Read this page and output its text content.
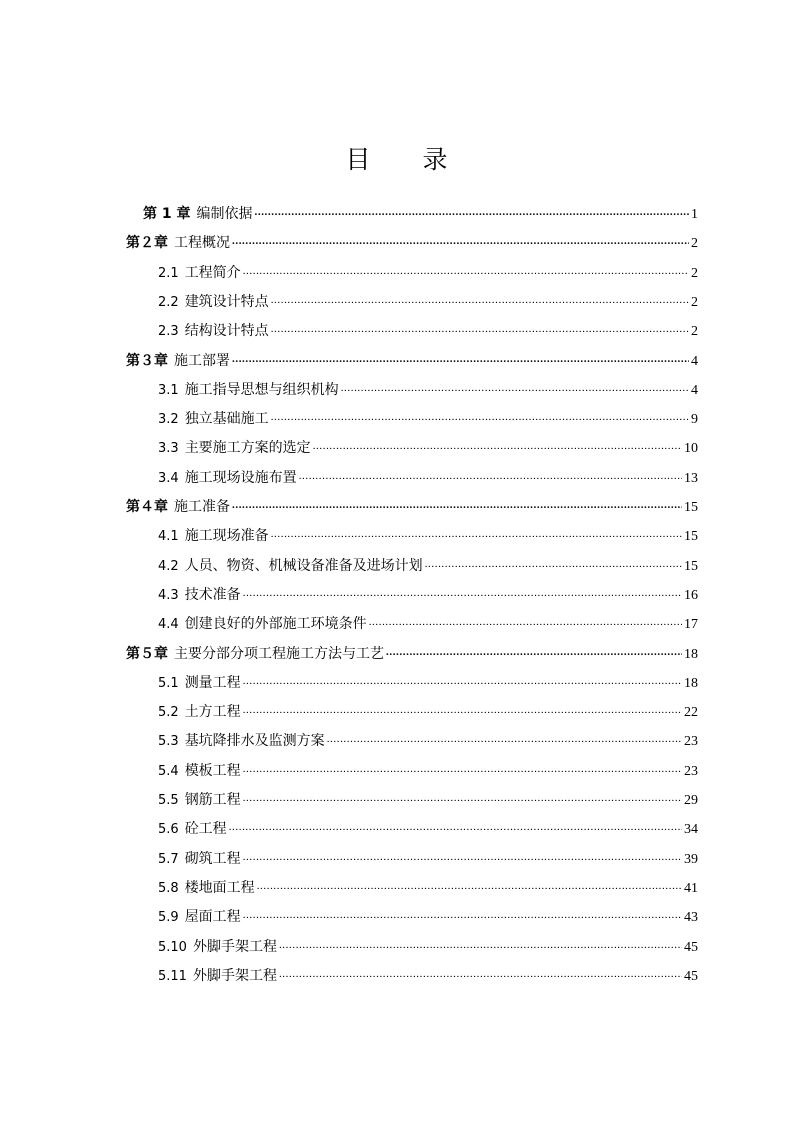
目 录
第 1 章 编制依据 .....	1
第２章 工程概况 .....	2
2.1 工程简介 .....	2
2.2 建筑设计特点 .....	2
2.3 结构设计特点 .....	2
第３章 施工部署 .....	4
3.1 施工指导思想与组织机构 .....	4
3.2 独立基础施工 .....	9
3.3 主要施工方案的选定 .....	10
3.4 施工现场设施布置 .....	13
第４章 施工准备 .....	15
4.1 施工现场准备 .....	15
4.2 人员、物资、机械设备准备及进场计划 .....	15
4.3 技术准备 .....	16
4.4 创建良好的外部施工环境条件 .....	17
第５章 主要分部分项工程施工方法与工艺 .....	18
5.1 测量工程 .....	18
5.2 土方工程 .....	22
5.3 基坑降排水及监测方案 .....	23
5.4 模板工程 .....	23
5.5 钢筋工程 .....	29
5.6 砼工程 .....	34
5.7 砌筑工程 .....	39
5.8 楼地面工程 .....	41
5.9 屋面工程 .....	43
5.10 外脚手架工程 .....	45
5.11 外脚手架工程 .....	45
